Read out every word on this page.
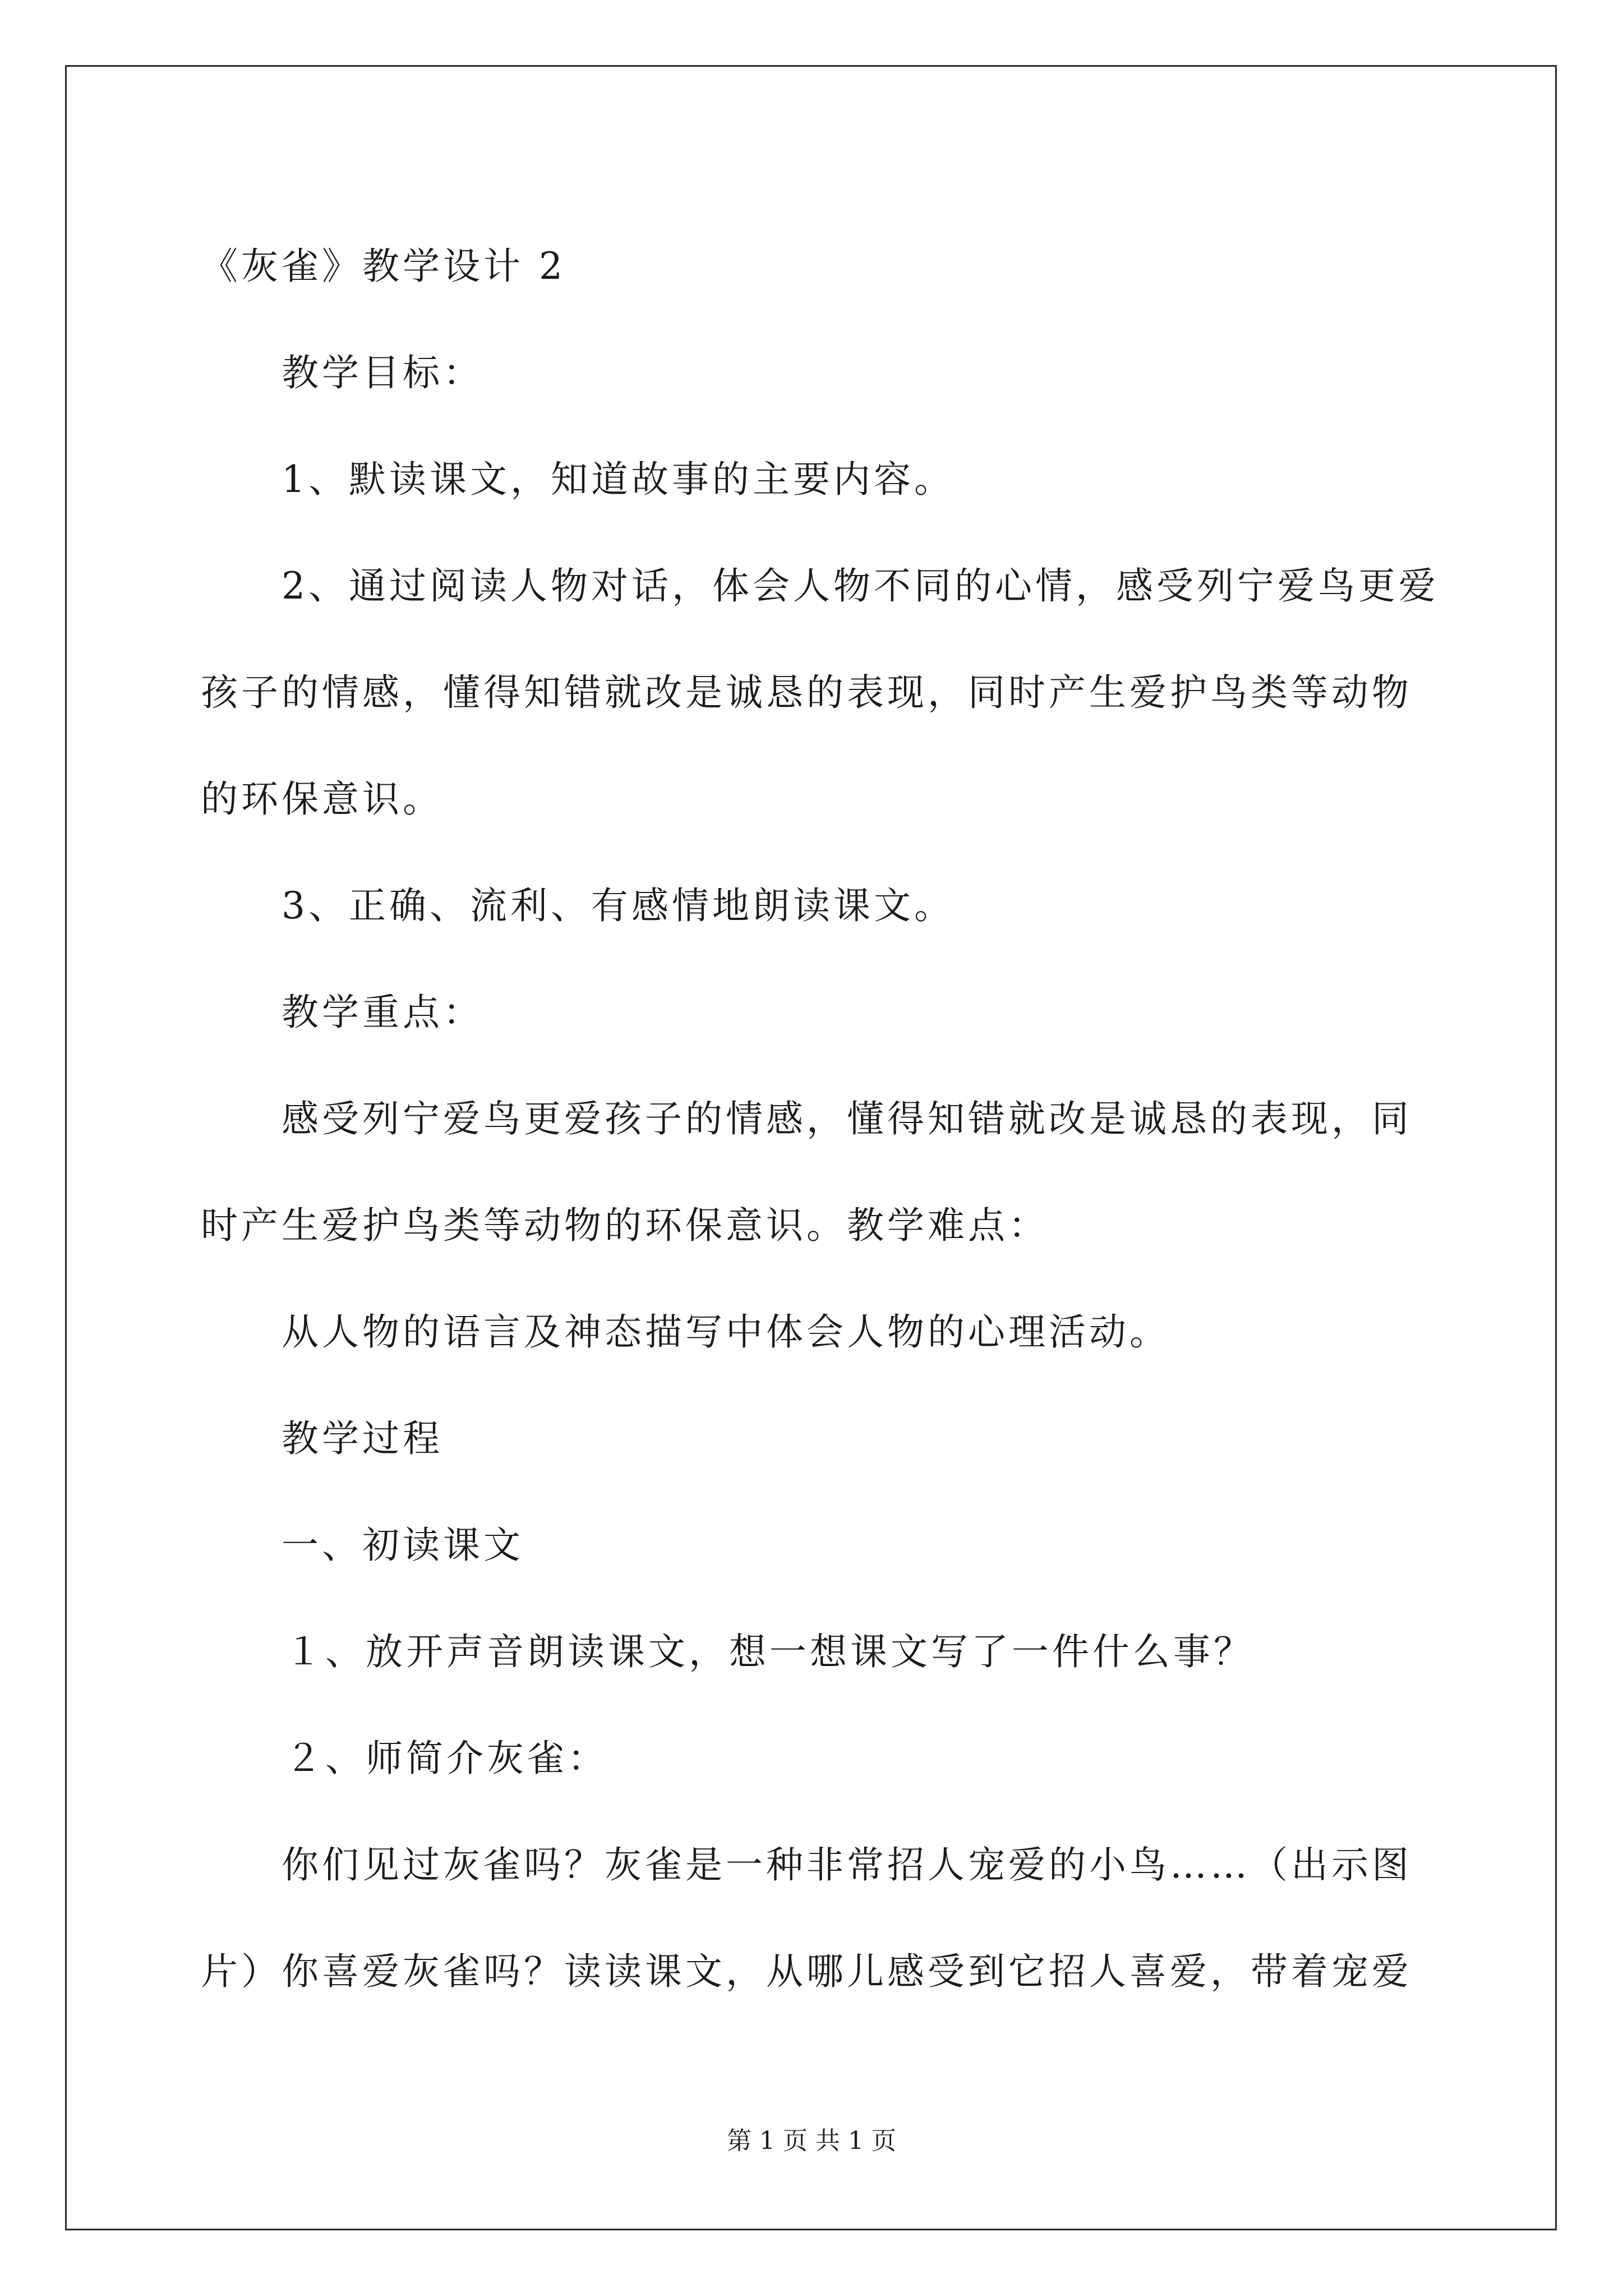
《灰雀》教学设计 2
教学目标：
1、默读课文，知道故事的主要内容。
2、通过阅读人物对话，体会人物不同的心情，感受列宁爱鸟更爱
孩子的情感，懂得知错就改是诚恳的表现，同时产生爱护鸟类等动物
的环保意识。
3、正确、流利、有感情地朗读课文。
教学重点：
感受列宁爱鸟更爱孩子的情感，懂得知错就改是诚恳的表现，同
时产生爱护鸟类等动物的环保意识。教学难点：
从人物的语言及神态描写中体会人物的心理活动。
教学过程
一、初读课文
１、放开声音朗读课文，想一想课文写了一件什么事？
２、师简介灰雀：
你们见过灰雀吗？灰雀是一种非常招人宠爱的小鸟……（出示图
片）你喜爱灰雀吗？读读课文，从哪儿感受到它招人喜爱，带着宠爱
第 1 页 共 1 页
